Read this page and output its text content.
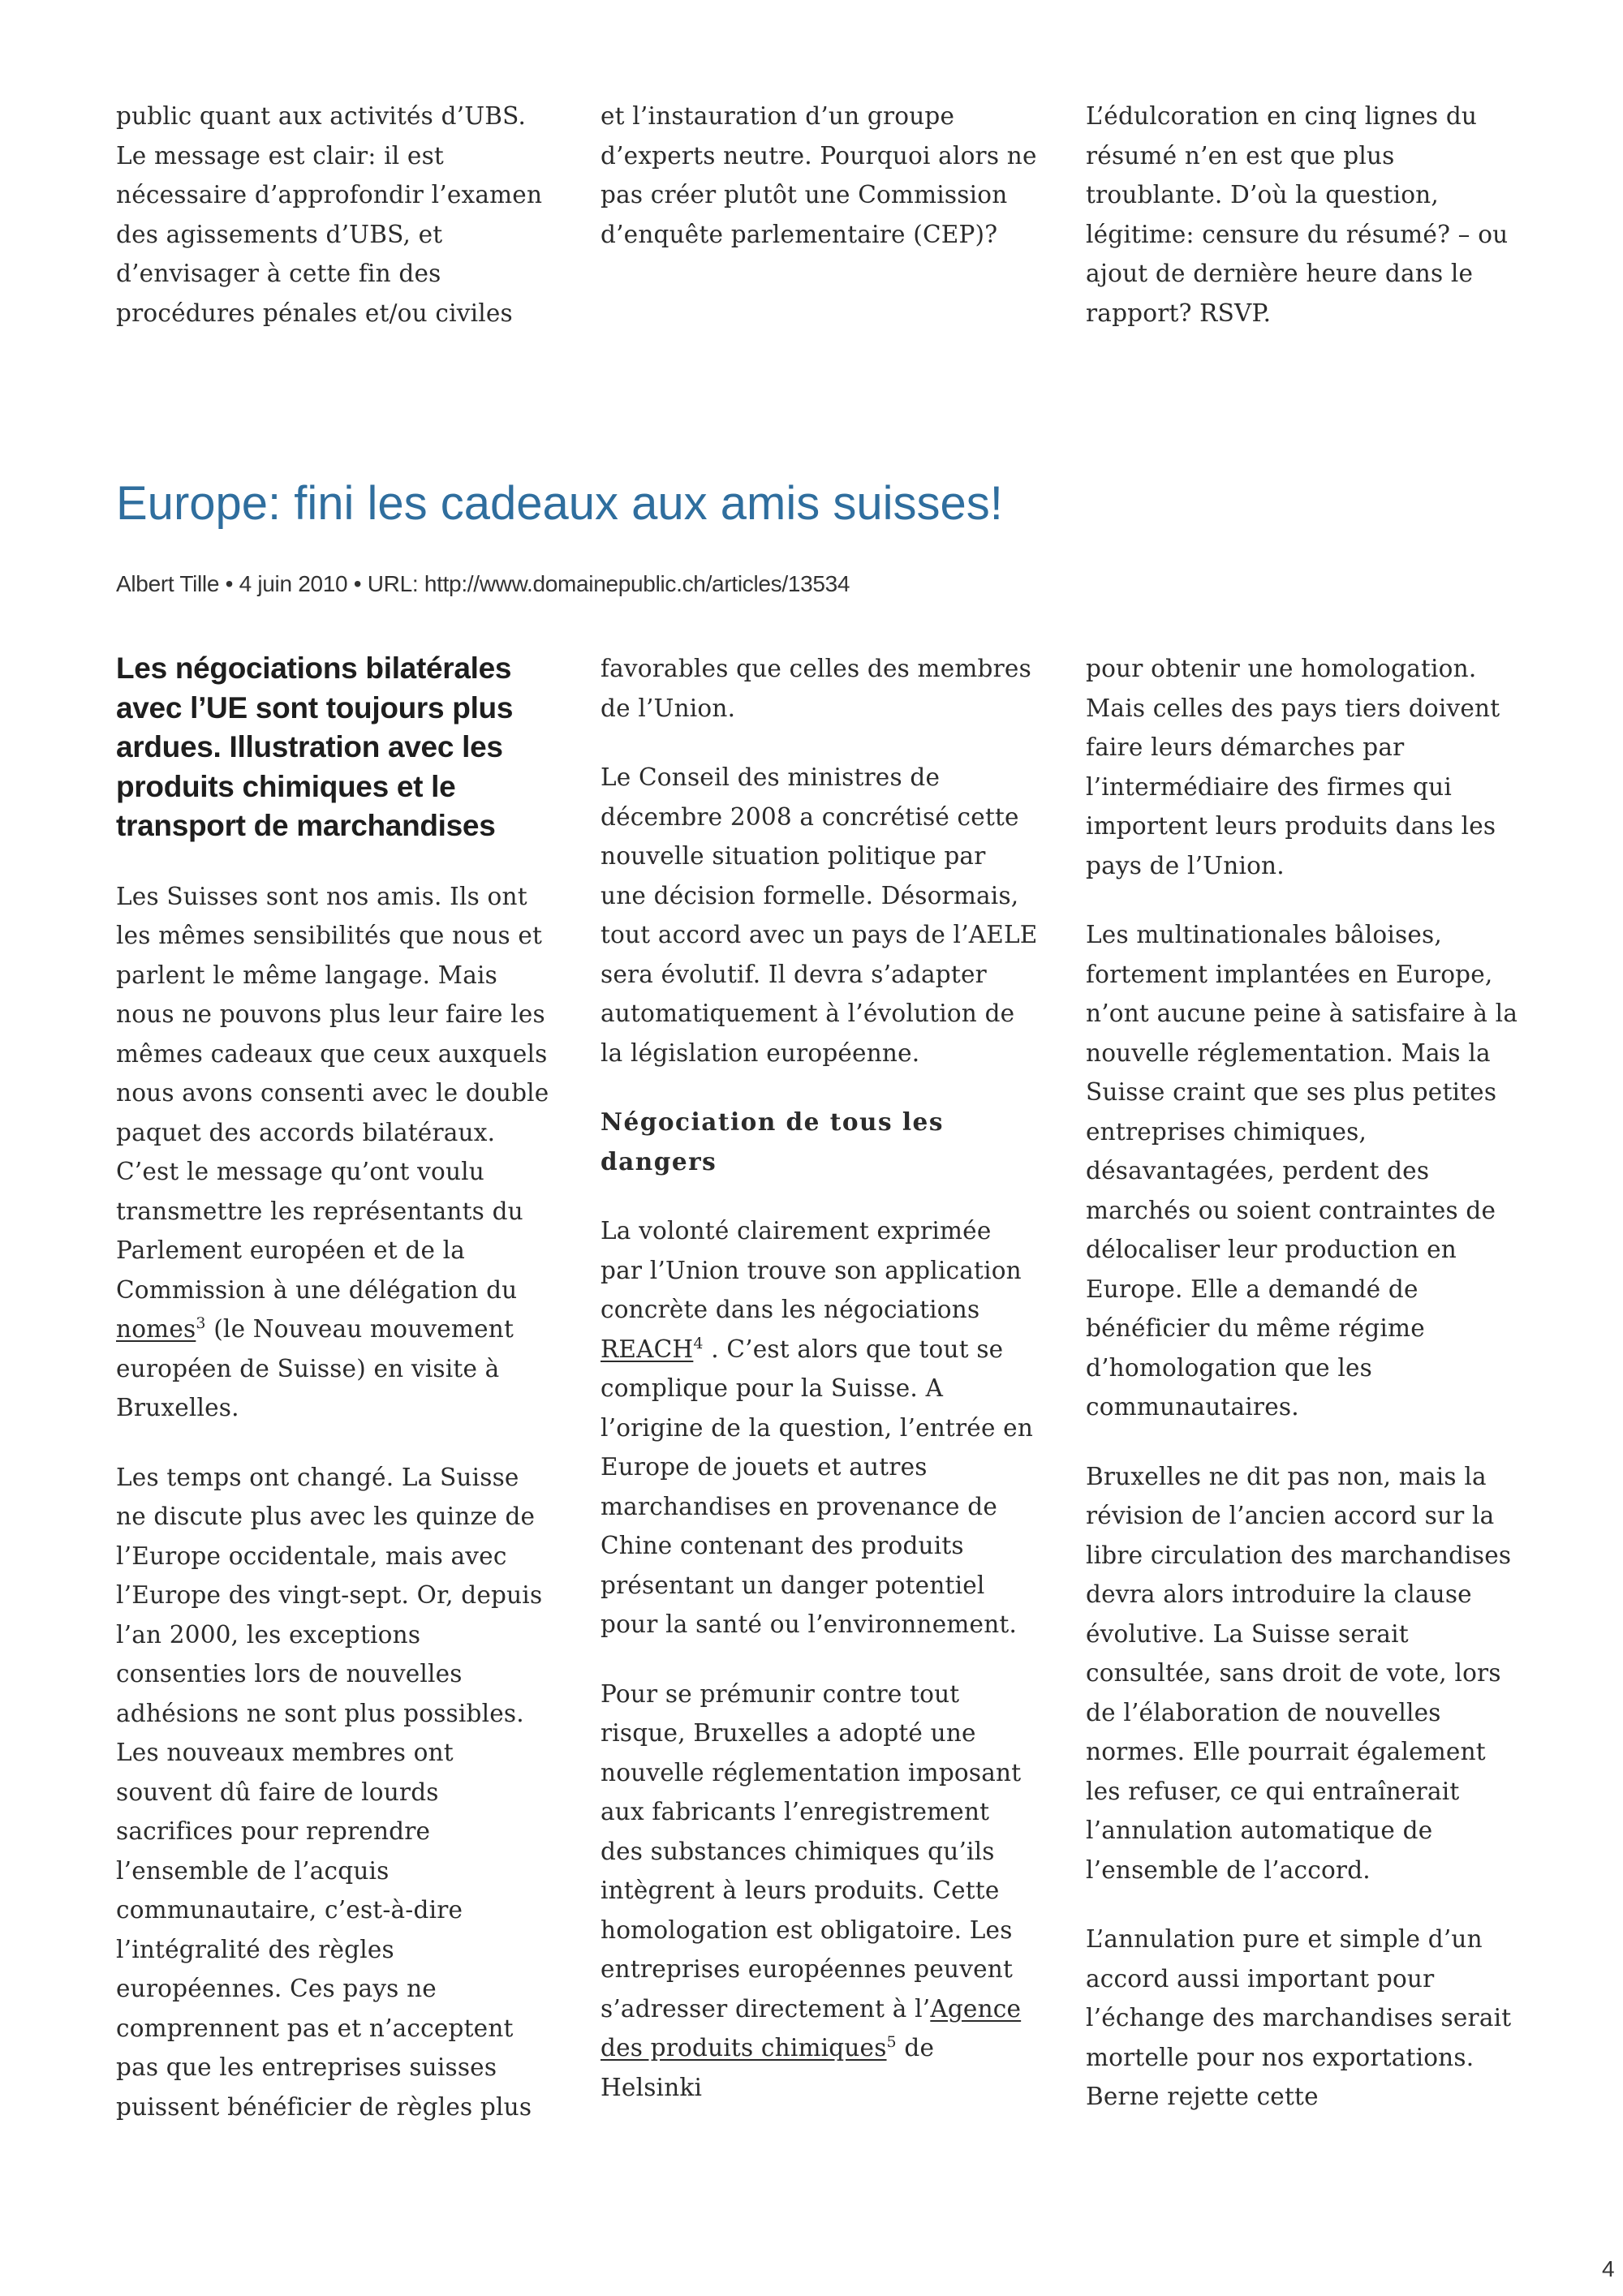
public quant aux activités d’UBS. Le message est clair: il est nécessaire d’approfondir l’examen des agissements d’UBS, et d’envisager à cette fin des procédures pénales et/ou civiles

et l’instauration d’un groupe d’experts neutre. Pourquoi alors ne pas créer plutôt une Commission d’enquête parlementaire (CEP)?

L’édulcoration en cinq lignes du résumé n’en est que plus troublante. D’où la question, légitime: censure du résumé? – ou ajout de dernière heure dans le rapport? RSVP.

Europe: fini les cadeaux aux amis suisses!
Albert Tille • 4 juin 2010 • URL: http://www.domainepublic.ch/articles/13534
Les négociations bilatérales avec l’UE sont toujours plus ardues. Illustration avec les produits chimiques et le transport de marchandises

Les Suisses sont nos amis. Ils ont les mêmes sensibilités que nous et parlent le même langage. Mais nous ne pouvons plus leur faire les mêmes cadeaux que ceux auxquels nous avons consenti avec le double paquet des accords bilatéraux. C’est le message qu’ont voulu transmettre les représentants du Parlement européen et de la Commission à une délégation du nomes$^3$ (le Nouveau mouvement européen de Suisse) en visite à Bruxelles.

Les temps ont changé. La Suisse ne discute plus avec les quinze de l’Europe occidentale, mais avec l’Europe des vingt-sept. Or, depuis l’an 2000, les exceptions consenties lors de nouvelles adhésions ne sont plus possibles. Les nouveaux membres ont souvent dû faire de lourds sacrifices pour reprendre l’ensemble de l’acquis communautaire, c’est-à-dire l’intégralité des règles européennes. Ces pays ne comprennent pas et n’acceptent pas que les entreprises suisses puissent bénéficier de règles plus

favorables que celles des membres de l’Union.

Le Conseil des ministres de décembre 2008 a concrétisé cette nouvelle situation politique par une décision formelle. Désormais, tout accord avec un pays de l’AELE sera évolutif. Il devra s’adapter automatiquement à l’évolution de la législation européenne.

Négociation de tous les dangers

La volonté clairement exprimée par l’Union trouve son application concrète dans les négociations REACH$^4$ . C’est alors que tout se complique pour la Suisse. A l’origine de la question, l’entrée en Europe de jouets et autres marchandises en provenance de Chine contenant des produits présentant un danger potentiel pour la santé ou l’environnement.

Pour se prémunir contre tout risque, Bruxelles a adopté une nouvelle réglementation imposant aux fabricants l’enregistrement des substances chimiques qu’ils intègrent à leurs produits. Cette homologation est obligatoire. Les entreprises européennes peuvent s’adresser directement à l’Agence des produits chimiques$^5$ de Helsinki

pour obtenir une homologation. Mais celles des pays tiers doivent faire leurs démarches par l’intermédiaire des firmes qui importent leurs produits dans les pays de l’Union.

Les multinationales bâloises, fortement implantées en Europe, n’ont aucune peine à satisfaire à la nouvelle réglementation. Mais la Suisse craint que ses plus petites entreprises chimiques, désavantagées, perdent des marchés ou soient contraintes de délocaliser leur production en Europe. Elle a demandé de bénéficier du même régime d’homologation que les communautaires.

Bruxelles ne dit pas non, mais la révision de l’ancien accord sur la libre circulation des marchandises devra alors introduire la clause évolutive. La Suisse serait consultée, sans droit de vote, lors de l’élaboration de nouvelles normes. Elle pourrait également les refuser, ce qui entraînerait l’annulation automatique de l’ensemble de l’accord.

L’annulation pure et simple d’un accord aussi important pour l’échange des marchandises serait mortelle pour nos exportations. Berne rejette cette

4
